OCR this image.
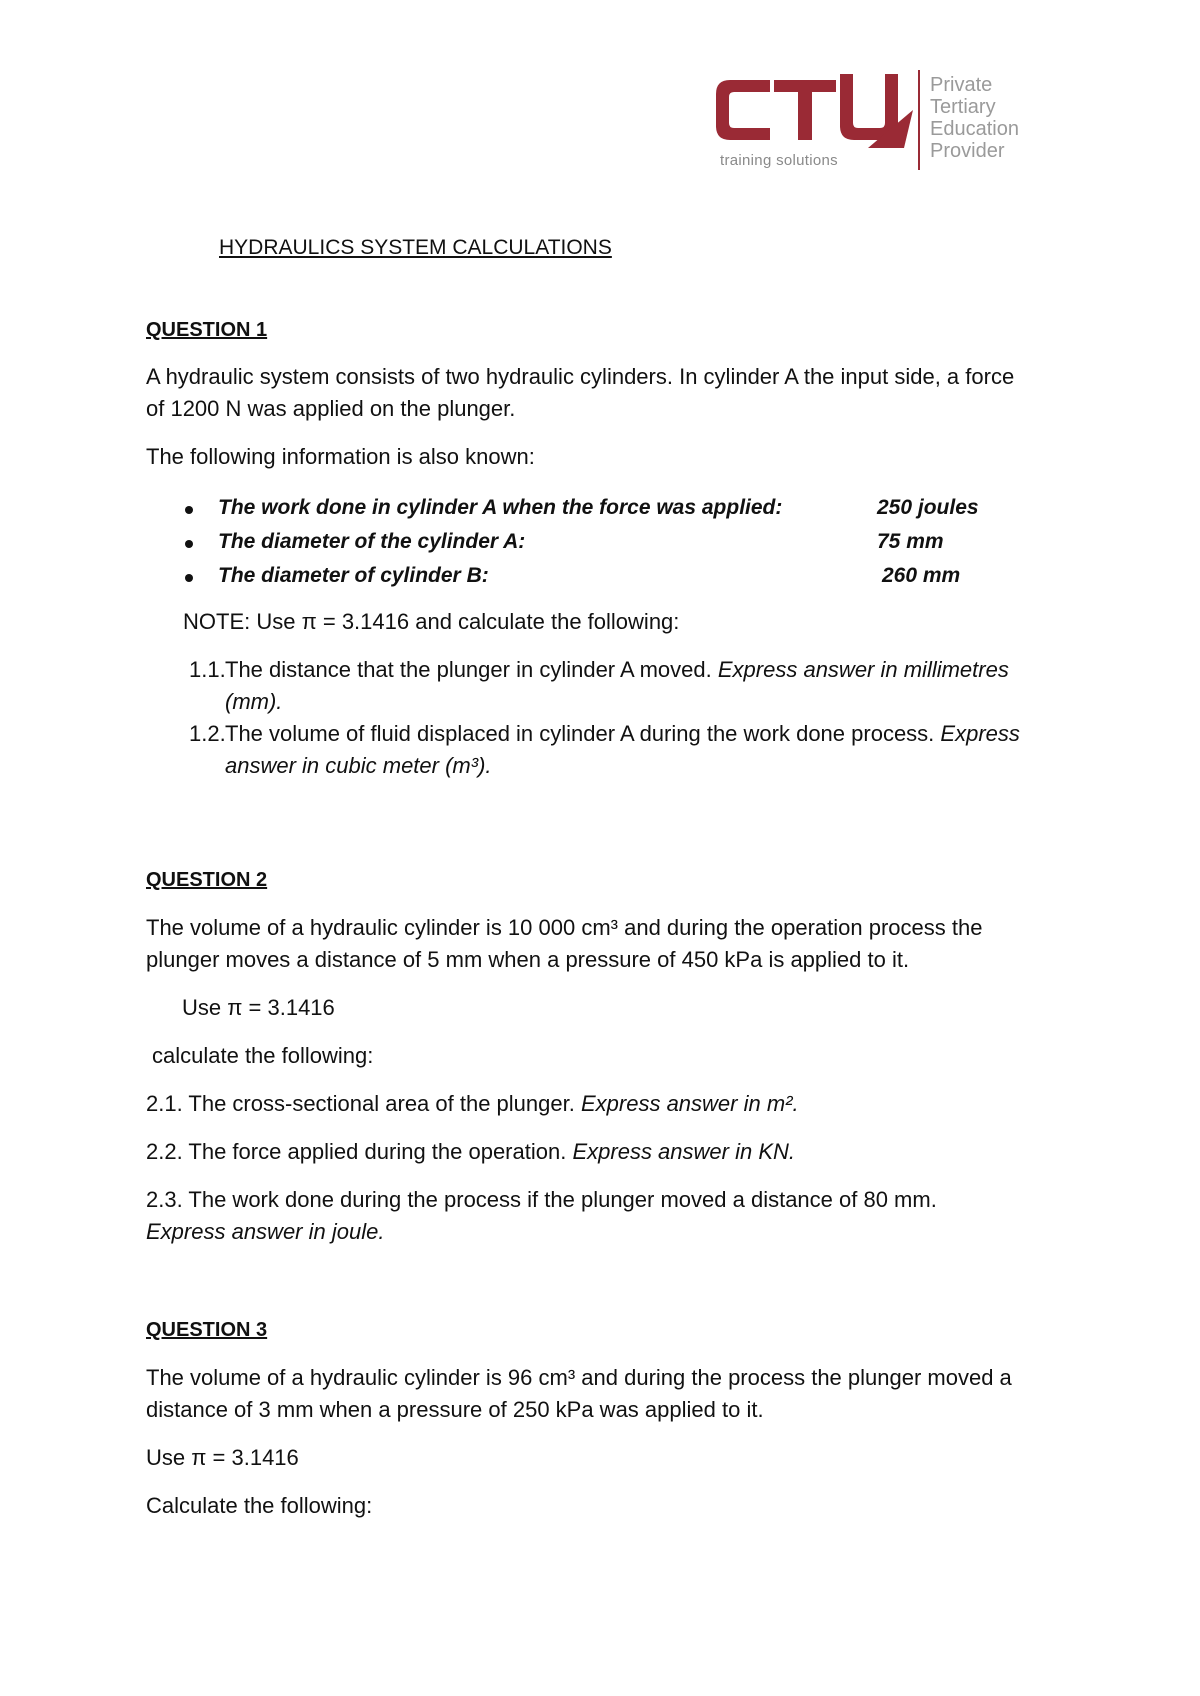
training solutions
Private
Tertiary
Education
Provider
HYDRAULICS SYSTEM CALCULATIONS
QUESTION 1
A hydraulic system consists of two hydraulic cylinders. In cylinder A the input side, a force
of 1200 N was applied on the plunger.
The following information is also known:
The work done in cylinder A when the force was applied:	250 joules
The diameter of the cylinder A:	75 mm
The diameter of cylinder B:	260 mm
NOTE: Use π = 3.1416 and calculate the following:
1.1. The distance that the plunger in cylinder A moved. Express answer in millimetres
(mm).
1.2. The volume of fluid displaced in cylinder A during the work done process. Express
answer in cubic meter (m³).
QUESTION 2
The volume of a hydraulic cylinder is 10 000 cm³ and during the operation process the
plunger moves a distance of 5 mm when a pressure of 450 kPa is applied to it.
Use π = 3.1416
calculate the following:
2.1. The cross-sectional area of the plunger. Express answer in m².
2.2. The force applied during the operation. Express answer in KN.
2.3. The work done during the process if the plunger moved a distance of 80 mm.
Express answer in joule.
QUESTION 3
The volume of a hydraulic cylinder is 96 cm³ and during the process the plunger moved a
distance of 3 mm when a pressure of 250 kPa was applied to it.
Use π = 3.1416
Calculate the following:
